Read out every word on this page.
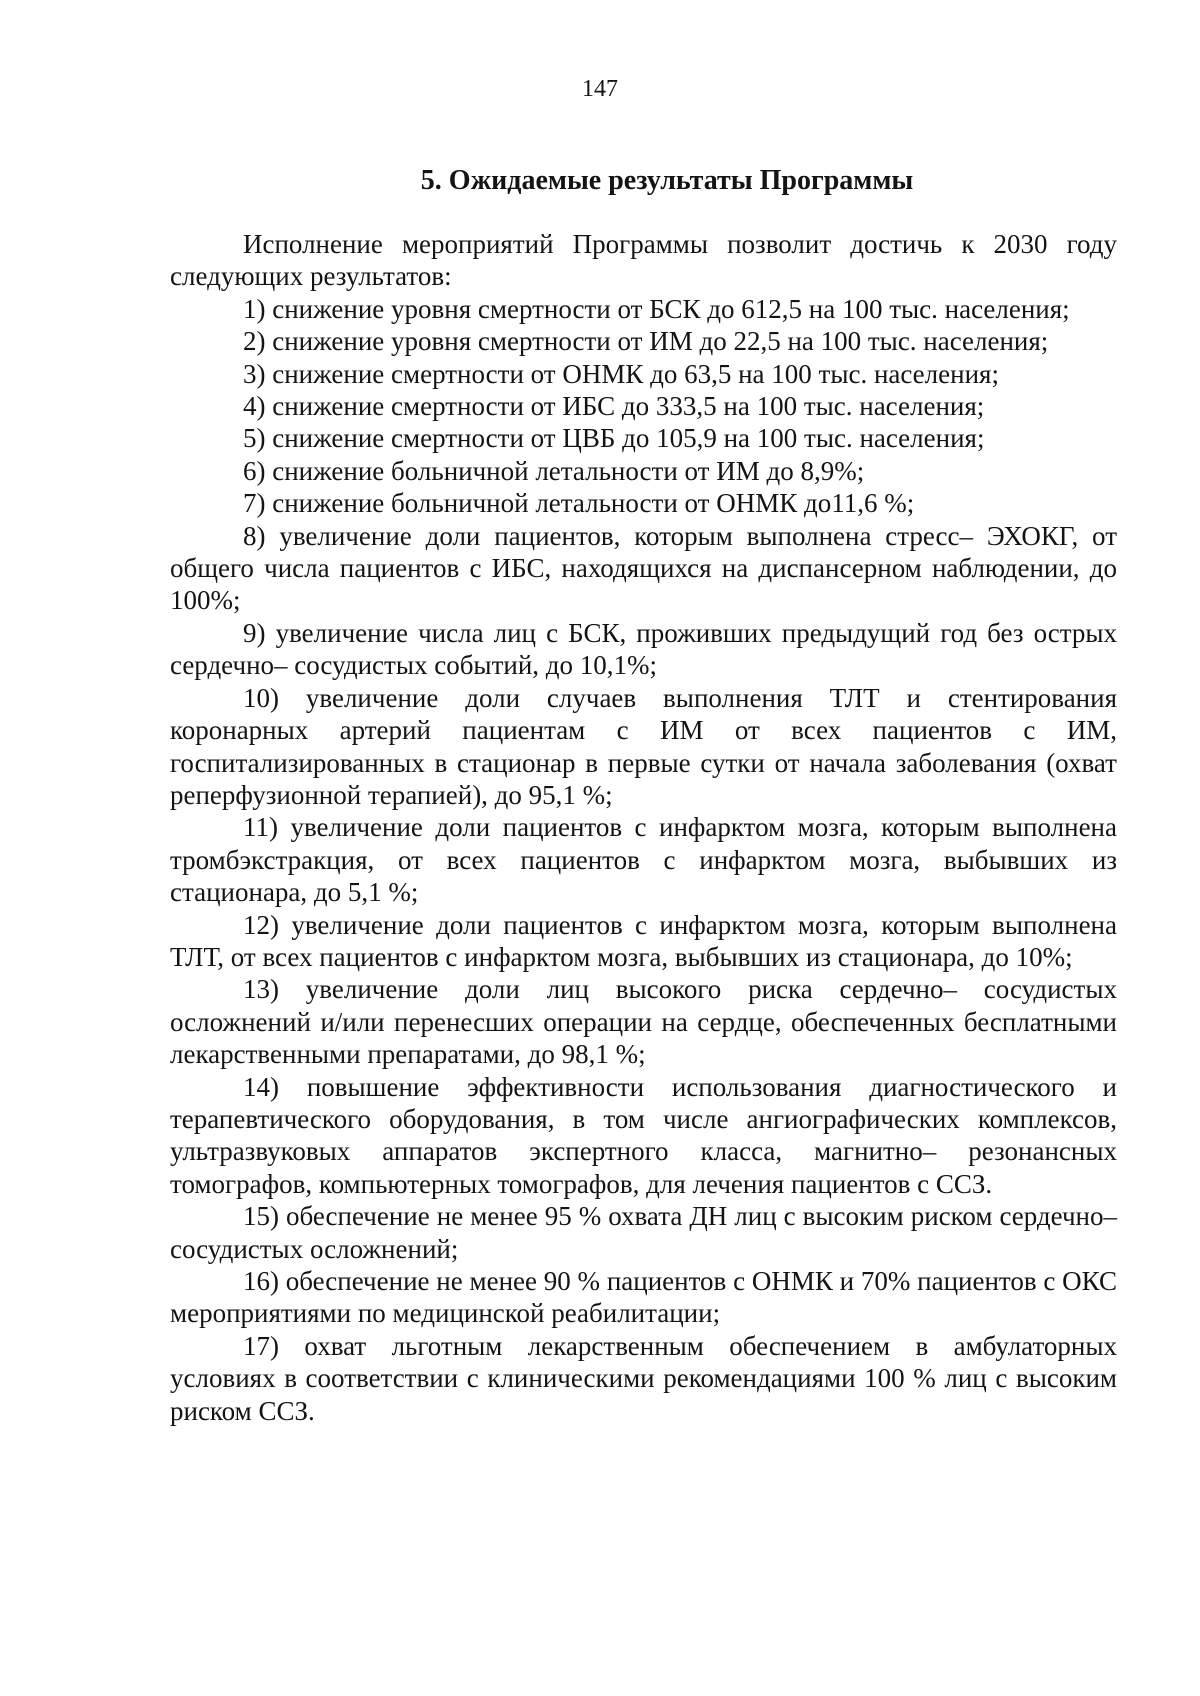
147
5. Ожидаемые результаты Программы

Исполнение мероприятий Программы позволит достичь к 2030 году следующих результатов:

1) снижение уровня смертности от БСК до 612,5 на 100 тыс. населения;

2) снижение уровня смертности от ИМ до 22,5 на 100 тыс. населения;

3) снижение смертности от ОНМК до 63,5 на 100 тыс. населения;

4) снижение смертности от ИБС до 333,5 на 100 тыс. населения;

5) снижение смертности от ЦВБ до 105,9 на 100 тыс. населения;

6) снижение больничной летальности от ИМ до 8,9%;

7) снижение больничной летальности от ОНМК до11,6 %;

8) увеличение доли пациентов, которым выполнена стресс– ЭХОКГ, от общего числа пациентов с ИБС, находящихся на диспансерном наблюдении, до 100%;

9) увеличение числа лиц с БСК, проживших предыдущий год без острых сердечно– сосудистых событий, до 10,1%;

10) увеличение доли случаев выполнения ТЛТ и стентирования коронарных артерий пациентам с ИМ от всех пациентов с ИМ, госпитализированных в стационар в первые сутки от начала заболевания (охват реперфузионной терапией), до 95,1 %;

11) увеличение доли пациентов с инфарктом мозга, которым выполнена тромбэкстракция, от всех пациентов с инфарктом мозга, выбывших из стационара, до 5,1 %;

12) увеличение доли пациентов с инфарктом мозга, которым выполнена ТЛТ, от всех пациентов с инфарктом мозга, выбывших из стационара, до 10%;

13) увеличение доли лиц высокого риска сердечно– сосудистых осложнений и/или перенесших операции на сердце, обеспеченных бесплатными лекарственными препаратами, до 98,1 %;

14) повышение эффективности использования диагностического и терапевтического оборудования, в том числе ангиографических комплексов, ультразвуковых аппаратов экспертного класса, магнитно– резонансных томографов, компьютерных томографов, для лечения пациентов с ССЗ.

15) обеспечение не менее 95 % охвата ДН лиц с высоким риском сердечно– сосудистых осложнений;

16) обеспечение не менее 90 % пациентов с ОНМК и 70% пациентов с ОКС мероприятиями по медицинской реабилитации;

17) охват льготным лекарственным обеспечением в амбулаторных условиях в соответствии с клиническими рекомендациями 100 % лиц с высоким риском ССЗ.
